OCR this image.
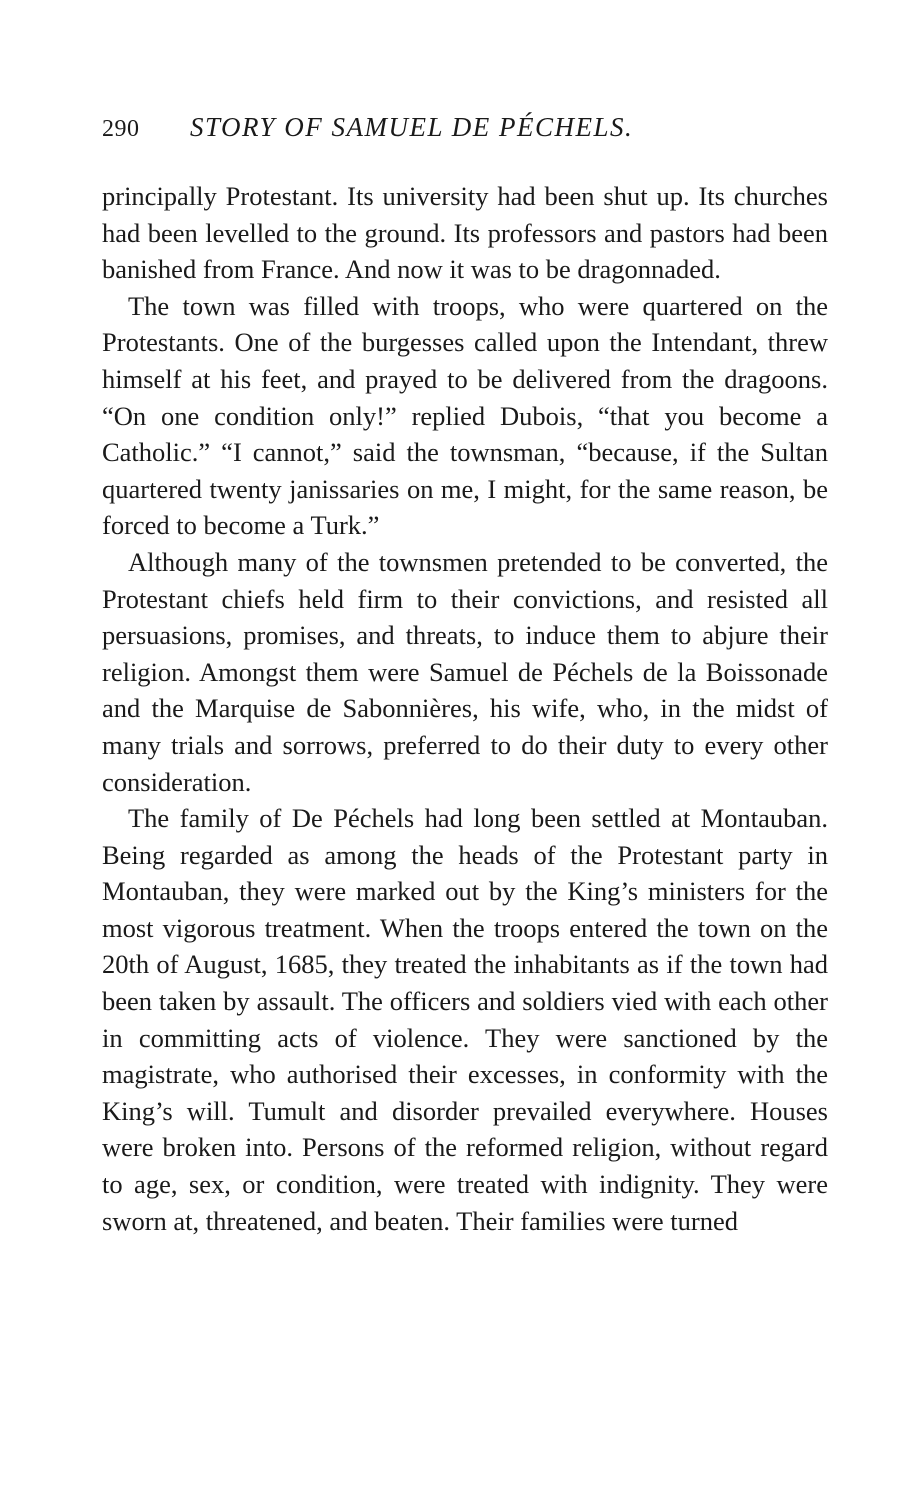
290	STORY OF SAMUEL DE PÉCHELS.

principally Protestant. Its university had been shut up. Its churches had been levelled to the ground. Its professors and pastors had been banished from France. And now it was to be dragonnaded.

The town was filled with troops, who were quartered on the Protestants. One of the burgesses called upon the Intendant, threw himself at his feet, and prayed to be delivered from the dragoons. “On one condition only!” replied Dubois, “that you become a Catholic.” “I cannot,” said the townsman, “because, if the Sultan quartered twenty janissaries on me, I might, for the same reason, be forced to become a Turk.”

Although many of the townsmen pretended to be converted, the Protestant chiefs held firm to their convictions, and resisted all persuasions, promises, and threats, to induce them to abjure their religion. Amongst them were Samuel de Péchels de la Boissonade and the Marquise de Sabonnières, his wife, who, in the midst of many trials and sorrows, preferred to do their duty to every other consideration.

The family of De Péchels had long been settled at Montauban. Being regarded as among the heads of the Protestant party in Montauban, they were marked out by the King’s ministers for the most vigorous treatment. When the troops entered the town on the 20th of August, 1685, they treated the inhabitants as if the town had been taken by assault. The officers and soldiers vied with each other in committing acts of violence. They were sanctioned by the magistrate, who authorised their excesses, in conformity with the King’s will. Tumult and disorder prevailed everywhere. Houses were broken into. Persons of the reformed religion, without regard to age, sex, or condition, were treated with indignity. They were sworn at, threatened, and beaten. Their families were turned
